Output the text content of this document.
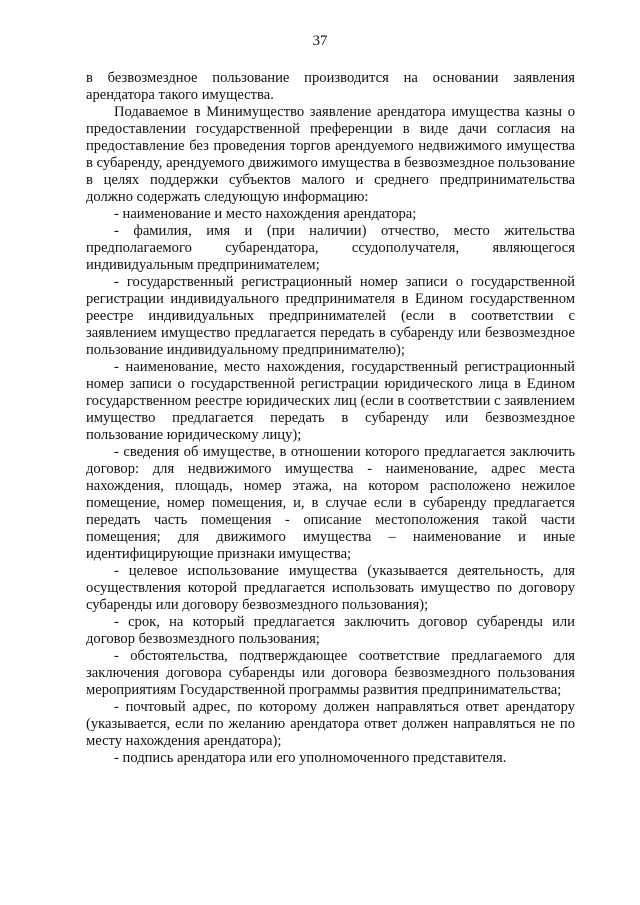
37

в безвозмездное пользование производится на основании заявления арендатора такого имущества.

Подаваемое в Минимущество заявление арендатора имущества казны о предоставлении государственной преференции в виде дачи согласия на предоставление без проведения торгов арендуемого недвижимого имущества в субаренду, арендуемого движимого имущества в безвозмездное пользование в целях поддержки субъектов малого и среднего предпринимательства должно содержать следующую информацию:

- наименование и место нахождения арендатора;

- фамилия, имя и (при наличии) отчество, место жительства предполагаемого субарендатора, ссудополучателя, являющегося индивидуальным предпринимателем;

- государственный регистрационный номер записи о государственной регистрации индивидуального предпринимателя в Едином государственном реестре индивидуальных предпринимателей (если в соответствии с заявлением имущество предлагается передать в субаренду или безвозмездное пользование индивидуальному предпринимателю);

- наименование, место нахождения, государственный регистрационный номер записи о государственной регистрации юридического лица в Едином государственном реестре юридических лиц (если в соответствии с заявлением имущество предлагается передать в субаренду или безвозмездное пользование юридическому лицу);

- сведения об имуществе, в отношении которого предлагается заключить договор: для недвижимого имущества - наименование, адрес места нахождения, площадь, номер этажа, на котором расположено нежилое помещение, номер помещения, и, в случае если в субаренду предлагается передать часть помещения - описание местоположения такой части помещения; для движимого имущества – наименование и иные идентифицирующие признаки имущества;

- целевое использование имущества (указывается деятельность, для осуществления которой предлагается использовать имущество по договору субаренды или договору безвозмездного пользования);

- срок, на который предлагается заключить договор субаренды или договор безвозмездного пользования;

- обстоятельства, подтверждающее соответствие предлагаемого для заключения договора субаренды или договора безвозмездного пользования мероприятиям Государственной программы развития предпринимательства;

- почтовый адрес, по которому должен направляться ответ арендатору (указывается, если по желанию арендатора ответ должен направляться не по месту нахождения арендатора);

- подпись арендатора или его уполномоченного представителя.
